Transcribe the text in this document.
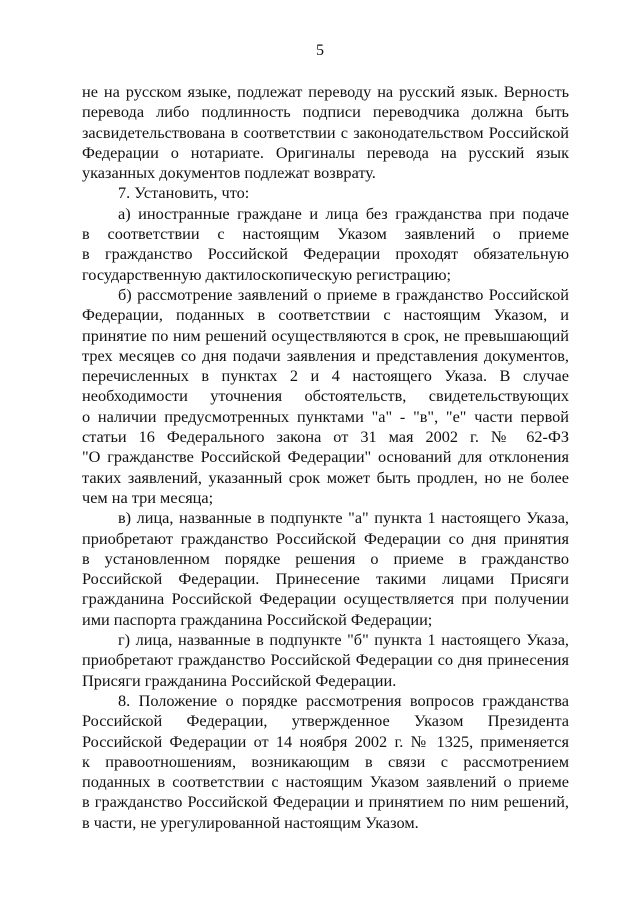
5
не на русском языке, подлежат переводу на русский язык. Верность
перевода либо подлинность подписи переводчика должна быть
засвидетельствована в соответствии с законодательством Российской
Федерации о нотариате. Оригиналы перевода на русский язык
указанных документов подлежат возврату.
7. Установить, что:
а) иностранные граждане и лица без гражданства при подаче
в соответствии с настоящим Указом заявлений о приеме
в гражданство Российской Федерации проходят обязательную
государственную дактилоскопическую регистрацию;
б) рассмотрение заявлений о приеме в гражданство Российской
Федерации, поданных в соответствии с настоящим Указом, и
принятие по ним решений осуществляются в срок, не превышающий
трех месяцев со дня подачи заявления и представления документов,
перечисленных в пунктах 2 и 4 настоящего Указа. В случае
необходимости уточнения обстоятельств, свидетельствующих
о наличии предусмотренных пунктами "а" - "в", "е" части первой
статьи 16 Федерального закона от 31 мая 2002 г. № 62-ФЗ
"О гражданстве Российской Федерации" оснований для отклонения
таких заявлений, указанный срок может быть продлен, но не более
чем на три месяца;
в) лица, названные в подпункте "а" пункта 1 настоящего Указа,
приобретают гражданство Российской Федерации со дня принятия
в установленном порядке решения о приеме в гражданство
Российской Федерации. Принесение такими лицами Присяги
гражданина Российской Федерации осуществляется при получении
ими паспорта гражданина Российской Федерации;
г) лица, названные в подпункте "б" пункта 1 настоящего Указа,
приобретают гражданство Российской Федерации со дня принесения
Присяги гражданина Российской Федерации.
8. Положение о порядке рассмотрения вопросов гражданства
Российской Федерации, утвержденное Указом Президента
Российской Федерации от 14 ноября 2002 г. № 1325, применяется
к правоотношениям, возникающим в связи с рассмотрением
поданных в соответствии с настоящим Указом заявлений о приеме
в гражданство Российской Федерации и принятием по ним решений,
в части, не урегулированной настоящим Указом.
